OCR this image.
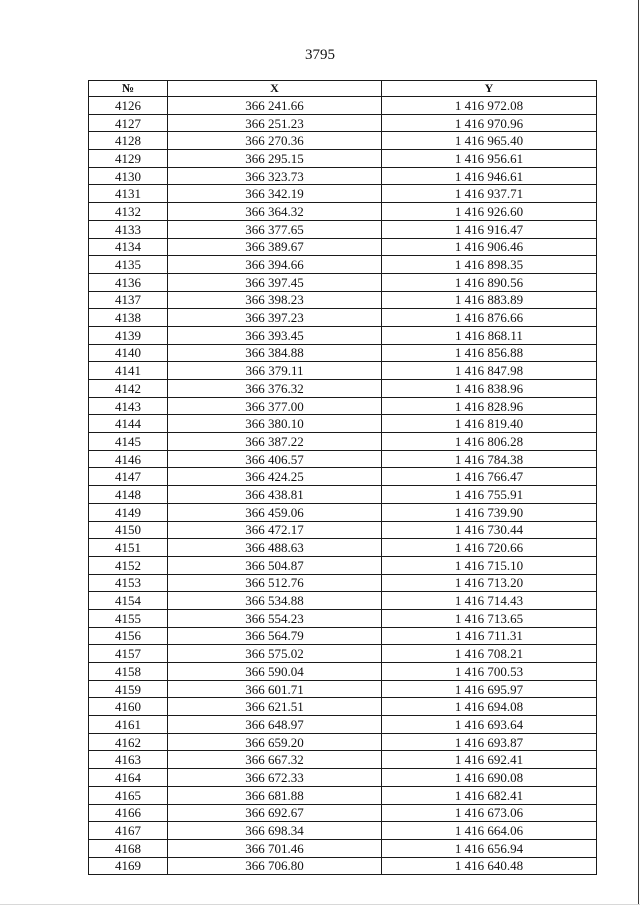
3795
№	X	Y
4126	366 241.66	1 416 972.08
4127	366 251.23	1 416 970.96
4128	366 270.36	1 416 965.40
4129	366 295.15	1 416 956.61
4130	366 323.73	1 416 946.61
4131	366 342.19	1 416 937.71
4132	366 364.32	1 416 926.60
4133	366 377.65	1 416 916.47
4134	366 389.67	1 416 906.46
4135	366 394.66	1 416 898.35
4136	366 397.45	1 416 890.56
4137	366 398.23	1 416 883.89
4138	366 397.23	1 416 876.66
4139	366 393.45	1 416 868.11
4140	366 384.88	1 416 856.88
4141	366 379.11	1 416 847.98
4142	366 376.32	1 416 838.96
4143	366 377.00	1 416 828.96
4144	366 380.10	1 416 819.40
4145	366 387.22	1 416 806.28
4146	366 406.57	1 416 784.38
4147	366 424.25	1 416 766.47
4148	366 438.81	1 416 755.91
4149	366 459.06	1 416 739.90
4150	366 472.17	1 416 730.44
4151	366 488.63	1 416 720.66
4152	366 504.87	1 416 715.10
4153	366 512.76	1 416 713.20
4154	366 534.88	1 416 714.43
4155	366 554.23	1 416 713.65
4156	366 564.79	1 416 711.31
4157	366 575.02	1 416 708.21
4158	366 590.04	1 416 700.53
4159	366 601.71	1 416 695.97
4160	366 621.51	1 416 694.08
4161	366 648.97	1 416 693.64
4162	366 659.20	1 416 693.87
4163	366 667.32	1 416 692.41
4164	366 672.33	1 416 690.08
4165	366 681.88	1 416 682.41
4166	366 692.67	1 416 673.06
4167	366 698.34	1 416 664.06
4168	366 701.46	1 416 656.94
4169	366 706.80	1 416 640.48
